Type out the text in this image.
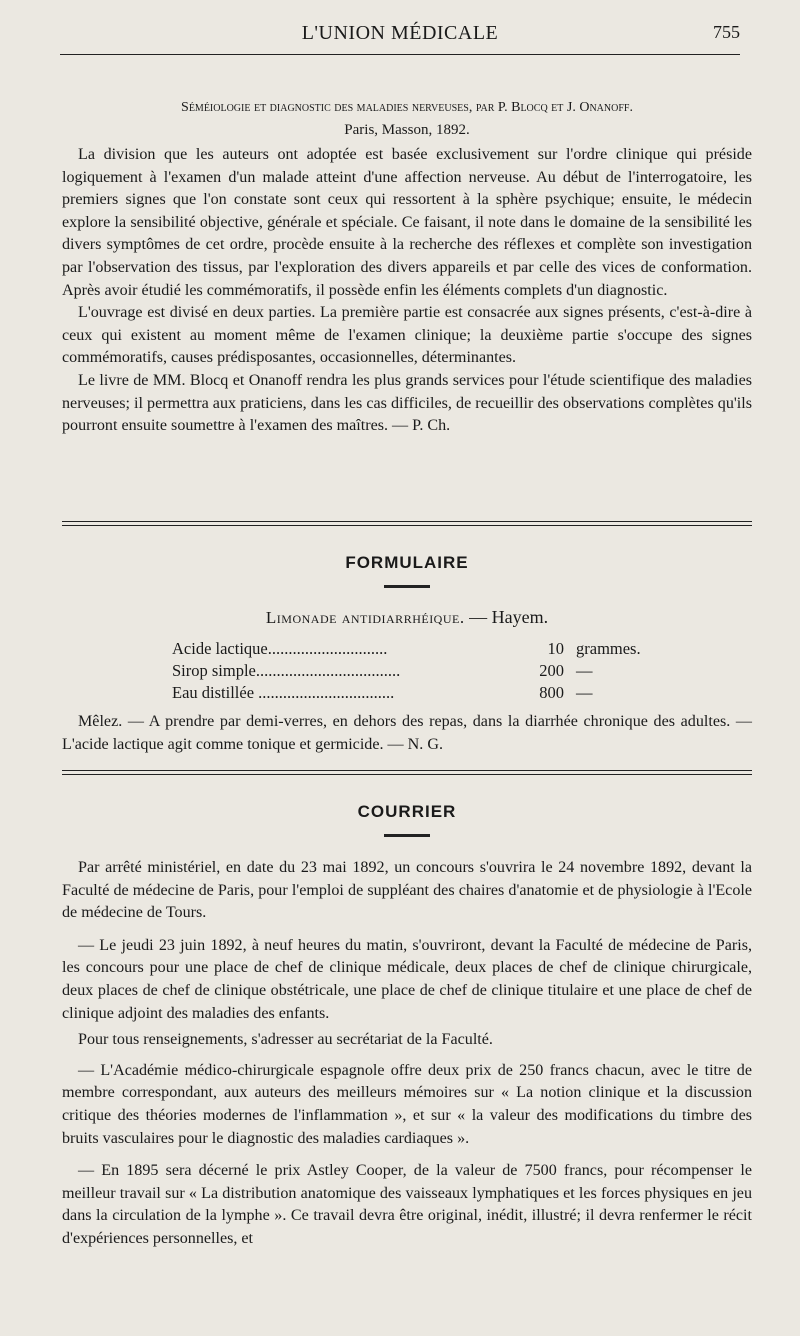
L'UNION MÉDICALE	755
Séméiologie et diagnostic des maladies nerveuses, par P. Blocq et J. Onanoff.
Paris, Masson, 1892.

La division que les auteurs ont adoptée est basée exclusivement sur l'ordre clinique qui préside logiquement à l'examen d'un malade atteint d'une affection nerveuse. Au début de l'interrogatoire, les premiers signes que l'on constate sont ceux qui ressortent à la sphère psychique; ensuite, le médecin explore la sensibilité objective, générale et spéciale. Ce faisant, il note dans le domaine de la sensibilité les divers symptômes de cet ordre, procède ensuite à la recherche des réflexes et complète son investigation par l'observation des tissus, par l'exploration des divers appareils et par celle des vices de conformation. Après avoir étudié les commémoratifs, il possède enfin les éléments complets d'un diagnostic.

L'ouvrage est divisé en deux parties. La première partie est consacrée aux signes présents, c'est-à-dire à ceux qui existent au moment même de l'examen clinique; la deuxième partie s'occupe des signes commémoratifs, causes prédisposantes, occasionnelles, déterminantes.

Le livre de MM. Blocq et Onanoff rendra les plus grands services pour l'étude scientifique des maladies nerveuses; il permettra aux praticiens, dans les cas difficiles, de recueillir des observations complètes qu'ils pourront ensuite soumettre à l'examen des maîtres. — P. Ch.

FORMULAIRE
Limonade antidiarrhéique. — Hayem.
Acide lactique.............................	10 grammes.
Sirop simple...................................	200 —
Eau distillée .................................	800 —

Mêlez. — A prendre par demi-verres, en dehors des repas, dans la diarrhée chronique des adultes. — L'acide lactique agit comme tonique et germicide. — N. G.

COURRIER

Par arrêté ministériel, en date du 23 mai 1892, un concours s'ouvrira le 24 novembre 1892, devant la Faculté de médecine de Paris, pour l'emploi de suppléant des chaires d'anatomie et de physiologie à l'Ecole de médecine de Tours.

— Le jeudi 23 juin 1892, à neuf heures du matin, s'ouvriront, devant la Faculté de médecine de Paris, les concours pour une place de chef de clinique médicale, deux places de chef de clinique chirurgicale, deux places de chef de clinique obstétricale, une place de chef de clinique titulaire et une place de chef de clinique adjoint des maladies des enfants.

Pour tous renseignements, s'adresser au secrétariat de la Faculté.

— L'Académie médico-chirurgicale espagnole offre deux prix de 250 francs chacun, avec le titre de membre correspondant, aux auteurs des meilleurs mémoires sur « La notion clinique et la discussion critique des théories modernes de l'inflammation », et sur « la valeur des modifications du timbre des bruits vasculaires pour le diagnostic des maladies cardiaques ».

— En 1895 sera décerné le prix Astley Cooper, de la valeur de 7500 francs, pour récompenser le meilleur travail sur « La distribution anatomique des vaisseaux lymphatiques et les forces physiques en jeu dans la circulation de la lymphe ». Ce travail devra être original, inédit, illustré; il devra renfermer le récit d'expériences personnelles, et
